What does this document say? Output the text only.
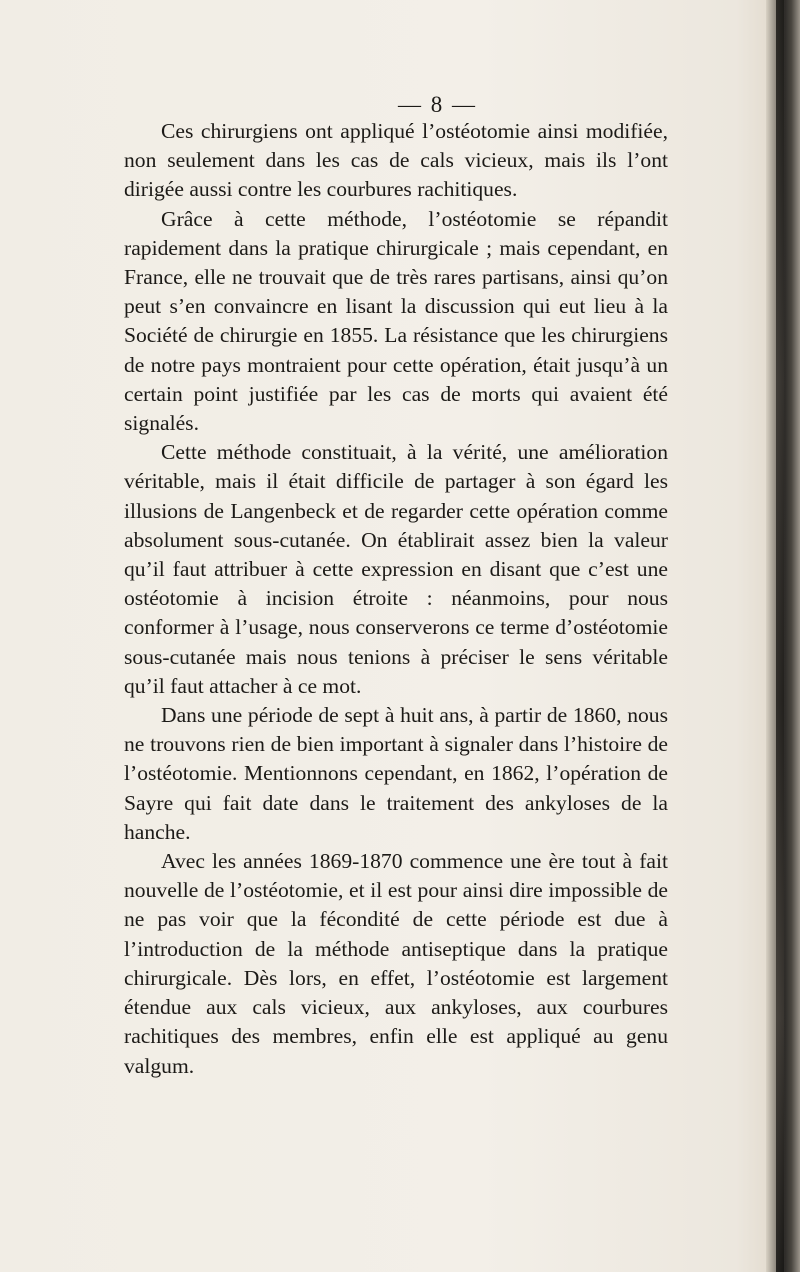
— 8 —

Ces chirurgiens ont appliqué l’ostéotomie ainsi modifiée, non seulement dans les cas de cals vicieux, mais ils l’ont dirigée aussi contre les courbures rachitiques.

Grâce à cette méthode, l’ostéotomie se répandit rapidement dans la pratique chirurgicale ; mais cependant, en France, elle ne trouvait que de très rares partisans, ainsi qu’on peut s’en convaincre en lisant la discussion qui eut lieu à la Société de chirurgie en 1855. La résistance que les chirurgiens de notre pays montraient pour cette opération, était jusqu’à un certain point justifiée par les cas de morts qui avaient été signalés.

Cette méthode constituait, à la vérité, une amélioration véritable, mais il était difficile de partager à son égard les illusions de Langenbeck et de regarder cette opération comme absolument sous-cutanée. On établirait assez bien la valeur qu’il faut attribuer à cette expression en disant que c’est une ostéotomie à incision étroite : néanmoins, pour nous conformer à l’usage, nous conserverons ce terme d’ostéotomie sous-cutanée mais nous tenions à préciser le sens véritable qu’il faut attacher à ce mot.

Dans une période de sept à huit ans, à partir de 1860, nous ne trouvons rien de bien important à signaler dans l’histoire de l’ostéotomie. Mentionnons cependant, en 1862, l’opération de Sayre qui fait date dans le traitement des ankyloses de la hanche.

Avec les années 1869-1870 commence une ère tout à fait nouvelle de l’ostéotomie, et il est pour ainsi dire impossible de ne pas voir que la fécondité de cette période est due à l’introduction de la méthode antiseptique dans la pratique chirurgicale. Dès lors, en effet, l’ostéotomie est largement étendue aux cals vicieux, aux ankyloses, aux courbures rachitiques des membres, enfin elle est appliqué au genu valgum.
